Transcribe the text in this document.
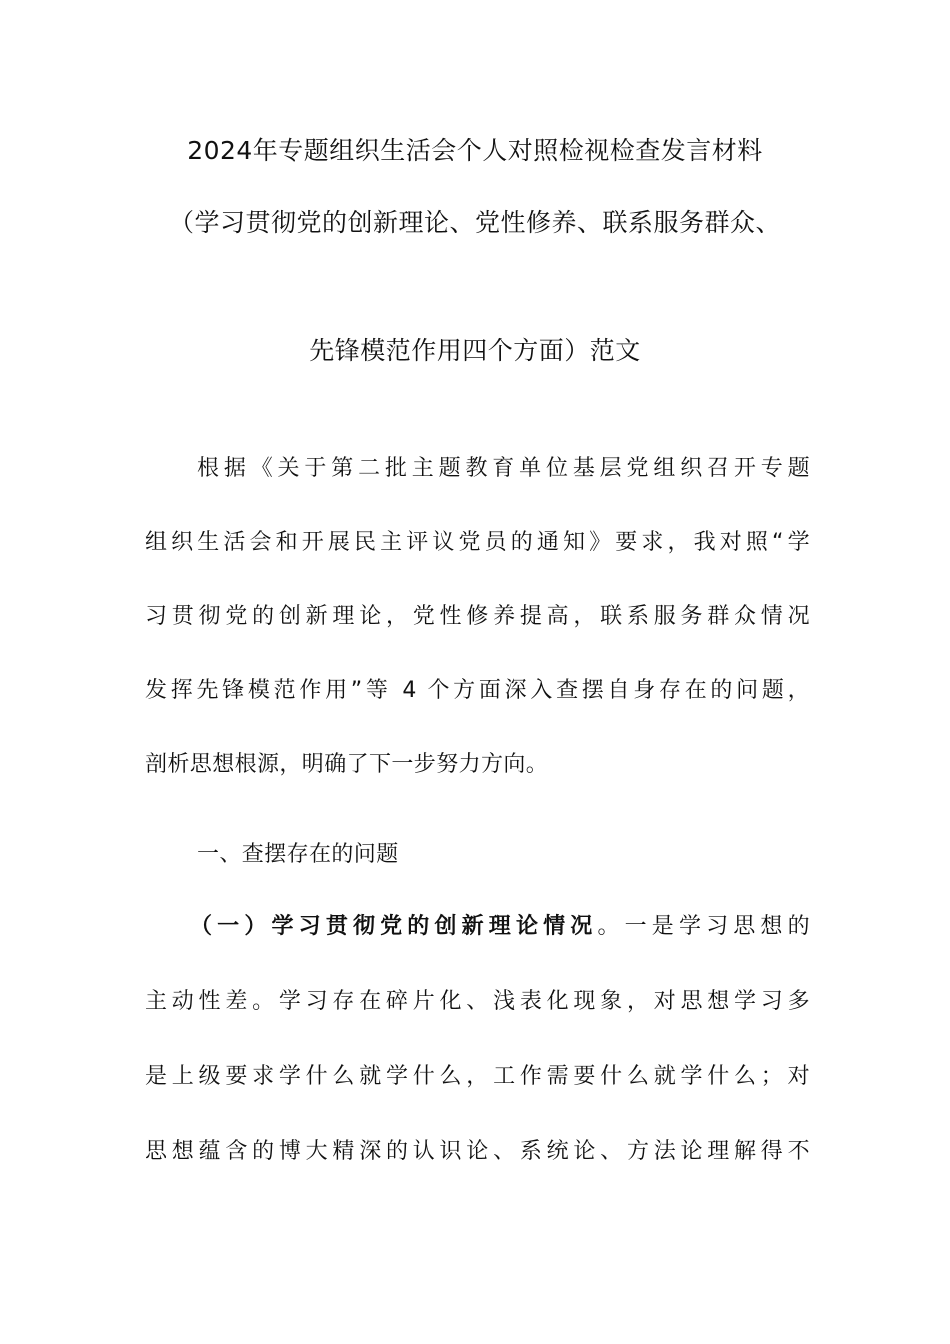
2024年专题组织生活会个人对照检视检查发言材料
（学习贯彻党的创新理论、党性修养、联系服务群众、
先锋模范作用四个方面）范文
根据《关于第二批主题教育单位基层党组织召开专题
组织生活会和开展民主评议党员的通知》要求，我对照“学
习贯彻党的创新理论，党性修养提高，联系服务群众情况
发挥先锋模范作用”等 4 个方面深入查摆自身存在的问题，
剖析思想根源，明确了下一步努力方向。
一、查摆存在的问题
（一）学习贯彻党的创新理论情况。一是学习思想的
主动性差。学习存在碎片化、浅表化现象，对思想学习多
是上级要求学什么就学什么，工作需要什么就学什么；对
思想蕴含的博大精深的认识论、系统论、方法论理解得不
